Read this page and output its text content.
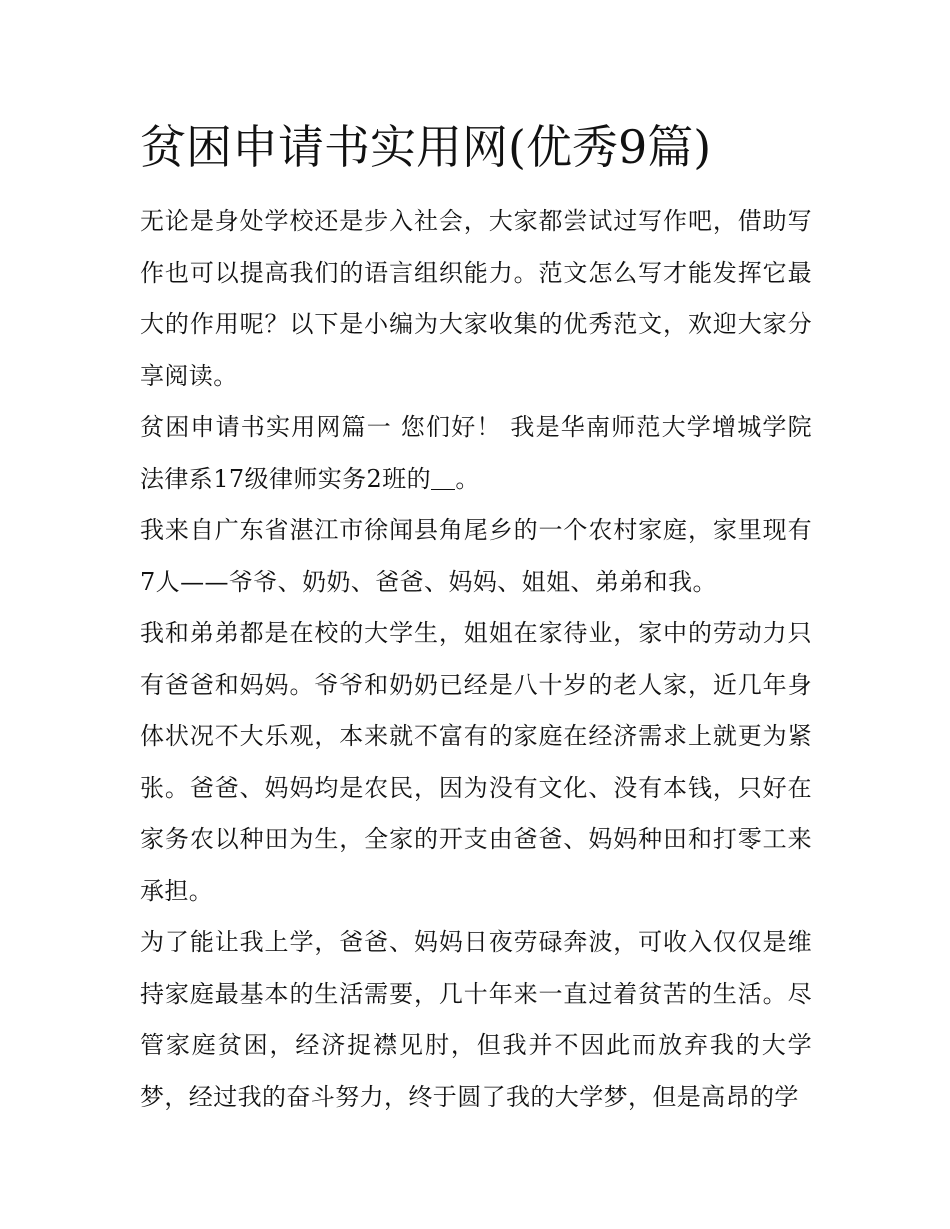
贫困申请书实用网(优秀9篇)

无论是身处学校还是步入社会，大家都尝试过写作吧，借助写作也可以提高我们的语言组织能力。范文怎么写才能发挥它最大的作用呢？以下是小编为大家收集的优秀范文，欢迎大家分享阅读。

贫困申请书实用网篇一 您们好！ 我是华南师范大学增城学院法律系17级律师实务2班的＿。

我来自广东省湛江市徐闻县角尾乡的一个农村家庭，家里现有7人——爷爷、奶奶、爸爸、妈妈、姐姐、弟弟和我。

我和弟弟都是在校的大学生，姐姐在家待业，家中的劳动力只有爸爸和妈妈。爷爷和奶奶已经是八十岁的老人家，近几年身体状况不大乐观，本来就不富有的家庭在经济需求上就更为紧张。爸爸、妈妈均是农民，因为没有文化、没有本钱，只好在家务农以种田为生，全家的开支由爸爸、妈妈种田和打零工来承担。

为了能让我上学，爸爸、妈妈日夜劳碌奔波，可收入仅仅是维持家庭最基本的生活需要，几十年来一直过着贫苦的生活。尽管家庭贫困，经济捉襟见肘，但我并不因此而放弃我的大学梦，经过我的奋斗努力，终于圆了我的大学梦，但是高昂的学
